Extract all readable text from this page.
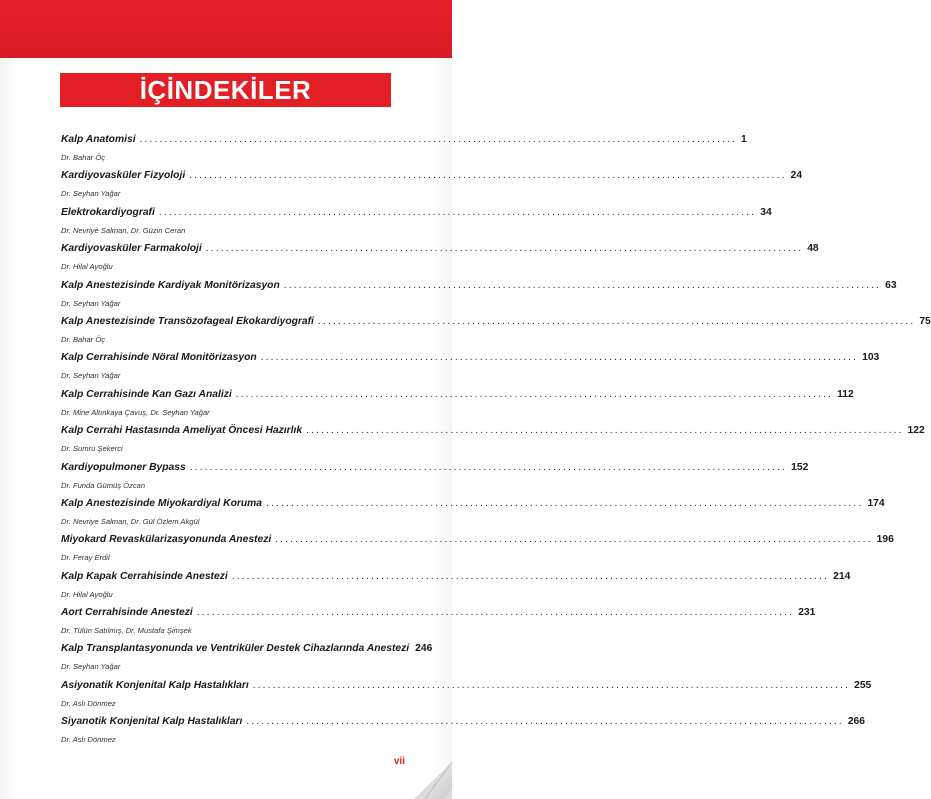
İÇİNDEKİLER
Kalp Anatomisi ........................................................................................................................ 1
Dr. Bahar Öç
Kardiyovasküler Fizyoloji ........................................................................................................................ 24
Dr. Seyhan Yağar
Elektrokardiyografi ........................................................................................................................ 34
Dr. Nevriye Salman, Dr. Güzin Ceran
Kardiyovasküler Farmakoloji ........................................................................................................................ 48
Dr. Hilal Ayoğlu
Kalp Anestezisinde Kardiyak Monitörizasyon ........................................................................................................................ 63
Dr. Seyhan Yağar
Kalp Anestezisinde Transözofageal Ekokardiyografi ........................................................................................................................ 75
Dr. Bahar Öç
Kalp Cerrahisinde Nöral Monitörizasyon ........................................................................................................................ 103
Dr. Seyhan Yağar
Kalp Cerrahisinde Kan Gazı Analizi ........................................................................................................................ 112
Dr. Mine Altınkaya Çavuş, Dr. Seyhan Yağar
Kalp Cerrahi Hastasında Ameliyat Öncesi Hazırlık ........................................................................................................................ 122
Dr. Sumru Şekerci
Kardiyopulmoner Bypass ........................................................................................................................ 152
Dr. Funda Gümüş Özcan
Kalp Anestezisinde Miyokardiyal Koruma ........................................................................................................................ 174
Dr. Nevriye Salman, Dr. Gül Özlem Akgül
Miyokard Revaskülarizasyonunda Anestezi ........................................................................................................................ 196
Dr. Feray Erdil
Kalp Kapak Cerrahisinde Anestezi ........................................................................................................................ 214
Dr. Hilal Ayoğlu
Aort Cerrahisinde Anestezi ........................................................................................................................ 231
Dr. Tülün Satılmış, Dr. Mustafa Şimşek
Kalp Transplantasyonunda ve Ventriküler Destek Cihazlarında Anestezi 246
Dr. Seyhan Yağar
Asiyonatik Konjenital Kalp Hastalıkları ........................................................................................................................ 255
Dr. Aslı Dönmez
Siyanotik Konjenital Kalp Hastalıkları ........................................................................................................................ 266
Dr. Aslı Dönmez
vii
